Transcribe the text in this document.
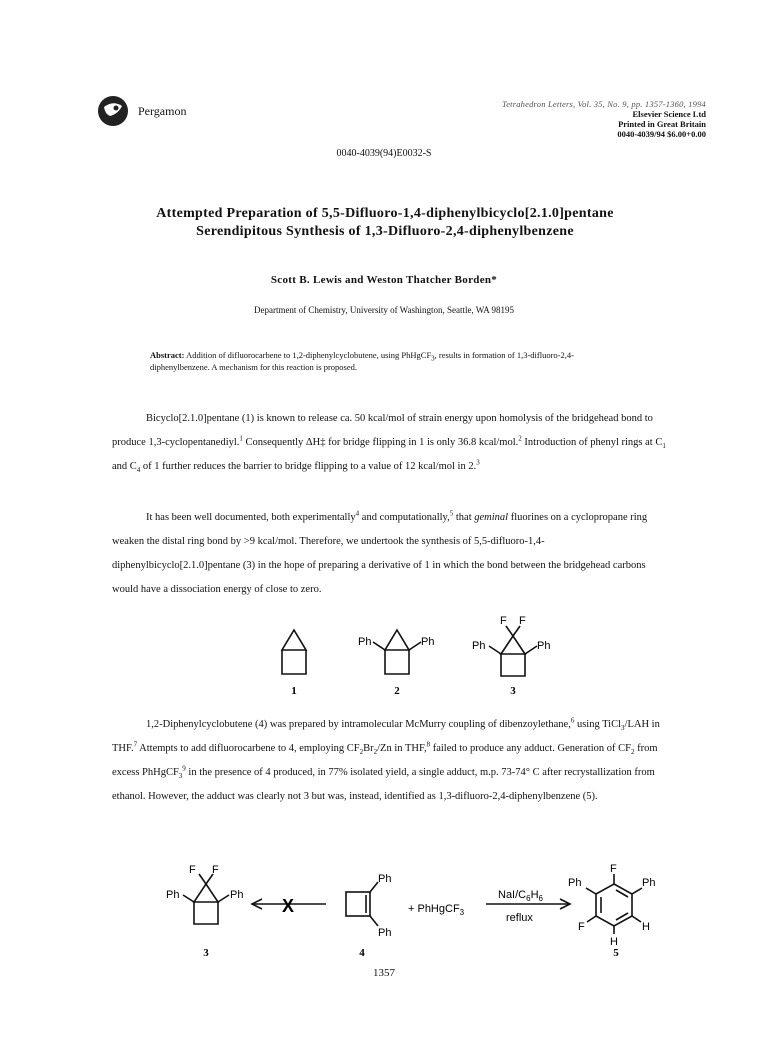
Pergamon	Tetrahedron Letters, Vol. 35, No. 9, pp. 1357-1360, 1994
Elsevier Science Ltd
Printed in Great Britain
0040-4039/94 $6.00+0.00
0040-4039(94)E0032-S
Attempted Preparation of 5,5-Difluoro-1,4-diphenylbicyclo[2.1.0]pentane
Serendipitous Synthesis of 1,3-Difluoro-2,4-diphenylbenzene
Scott B. Lewis and Weston Thatcher Borden*
Department of Chemistry, University of Washington, Seattle, WA 98195
Abstract: Addition of difluorocarbene to 1,2-diphenylcyclobutene, using PhHgCF$_3$, results in formation of 1,3-difluoro-2,4-diphenylbenzene. A mechanism for this reaction is proposed.

Bicyclo[2.1.0]pentane (1) is known to release ca. 50 kcal/mol of strain energy upon homolysis of the bridgehead bond to produce 1,3-cyclopentanediyl.$^1$ Consequently ΔH‡ for bridge flipping in 1 is only 36.8 kcal/mol.$^2$ Introduction of phenyl rings at $C_1$ and $C_4$ of 1 further reduces the barrier to bridge flipping to a value of 12 kcal/mol in 2.$^3$

It has been well documented, both experimentally$^4$ and computationally,$^5$ that geminal fluorines on a cyclopropane ring weaken the distal ring bond by >9 kcal/mol. Therefore, we undertook the synthesis of 5,5-difluoro-1,4-diphenylbicyclo[2.1.0]pentane (3) in the hope of preparing a derivative of 1 in which the bond between the bridgehead carbons would have a dissociation energy of close to zero.

Ph	Ph	Ph	Ph
F F
1	2	3

1,2-Diphenylcyclobutene (4) was prepared by intramolecular McMurry coupling of dibenzoylethane,$^6$ using TiCl$_3$/LAH in THF.$^7$ Attempts to add difluorocarbene to 4, employing $CF_2Br_2/Zn$ in THF,$^8$ failed to produce any adduct. Generation of $CF_2$ from excess PhHgCF$_3^9$ in the presence of 4 produced, in 77% isolated yield, a single adduct, m.p. 73-74° C after recrystallization from ethanol. However, the adduct was clearly not 3 but was, instead, identified as 1,3-difluoro-2,4-diphenylbenzene (5).

F F
Ph	Ph
X
Ph
Ph
+ PhHgCF$_3$
NaI/$C_6H_6$
reflux
F
Ph	Ph
F	H
H
3	4	5
1357
